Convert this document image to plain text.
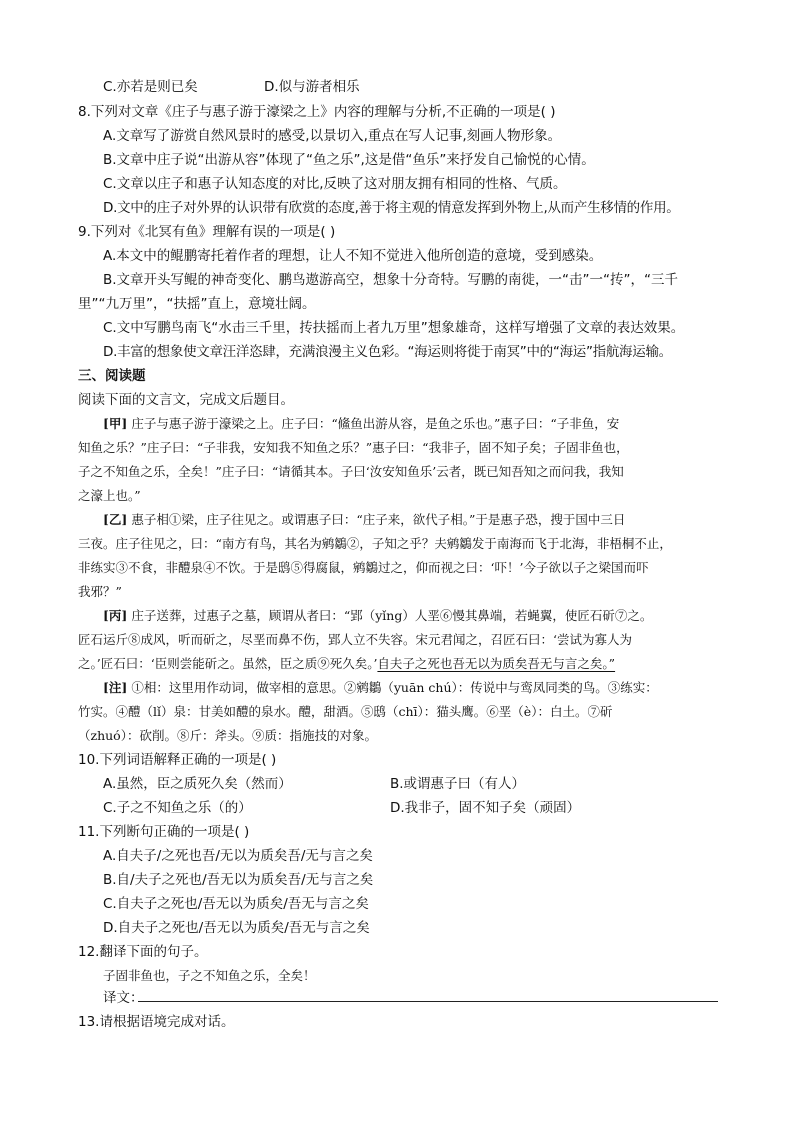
C.亦若是则已矣	D.似与游者相乐
8.下列对文章《庄子与惠子游于濠梁之上》内容的理解与分析,不正确的一项是( )
A.文章写了游赏自然风景时的感受,以景切入,重点在写人记事,刻画人物形象。
B.文章中庄子说“出游从容”体现了“鱼之乐”,这是借“鱼乐”来抒发自己愉悦的心情。
C.文章以庄子和惠子认知态度的对比,反映了这对朋友拥有相同的性格、气质。
D.文中的庄子对外界的认识带有欣赏的态度,善于将主观的情意发挥到外物上,从而产生移情的作用。
9.下列对《北冥有鱼》理解有误的一项是( )
A.本文中的鲲鹏寄托着作者的理想，让人不知不觉进入他所创造的意境，受到感染。
B.文章开头写鲲的神奇变化、鹏鸟遨游高空，想象十分奇特。写鹏的南徙，一“击”一“抟”，“三千
里”“九万里”，“扶摇”直上，意境壮阔。
C.文中写鹏鸟南飞“水击三千里，抟扶摇而上者九万里”想象雄奇，这样写增强了文章的表达效果。
D.丰富的想象使文章汪洋恣肆，充满浪漫主义色彩。“海运则将徙于南冥”中的“海运”指航海运输。
三、阅读题
阅读下面的文言文，完成文后题目。
[甲] 庄子与惠子游于濠梁之上。庄子曰：“鯈鱼出游从容，是鱼之乐也。”惠子曰：“子非鱼，安
知鱼之乐？”庄子曰：“子非我，安知我不知鱼之乐？”惠子曰：“我非子，固不知子矣；子固非鱼也，
子之不知鱼之乐，全矣！”庄子曰：“请循其本。子曰‘汝安知鱼乐’云者，既已知吾知之而问我，我知
之濠上也。”
[乙] 惠子相①梁，庄子往见之。或谓惠子曰：“庄子来，欲代子相。”于是惠子恐，搜于国中三日
三夜。庄子往见之，曰：“南方有鸟，其名为鹓鶵②，子知之乎？夫鹓鶵发于南海而飞于北海，非梧桐不止，
非练实③不食，非醴泉④不饮。于是鸱⑤得腐鼠，鹓鶵过之，仰而视之曰：‘吓！’今子欲以子之梁国而吓
我邪？”
[丙] 庄子送葬，过惠子之墓，顾谓从者曰：“郢（yǐng）人垩⑥慢其鼻端，若蝇翼，使匠石斫⑦之。
匠石运斤⑧成风，听而斫之，尽垩而鼻不伤，郢人立不失容。宋元君闻之，召匠石曰：‘尝试为寡人为
之。’匠石曰：‘臣则尝能斫之。虽然，臣之质⑨死久矣。’自夫子之死也吾无以为质矣吾无与言之矣。”
[注] ①相：这里用作动词，做宰相的意思。②鹓鶵（yuān chú）：传说中与鸾凤同类的鸟。③练实：
竹实。④醴（lǐ）泉：甘美如醴的泉水。醴，甜酒。⑤鸱（chī）：猫头鹰。⑥垩（è）：白土。⑦斫
（zhuó）：砍削。⑧斤：斧头。⑨质：指施技的对象。
10.下列词语解释正确的一项是( )
A.虽然，臣之质死久矣（然而）	B.或谓惠子曰（有人）
C.子之不知鱼之乐（的）	D.我非子，固不知子矣（顽固）
11.下列断句正确的一项是( )
A.自夫子/之死也吾/无以为质矣吾/无与言之矣
B.自/夫子之死也/吾无以为质矣吾/无与言之矣
C.自夫子之死也/吾无以为质矣/吾无与言之矣
D.自夫子之死也/吾无以为质矣/吾无与言之矣
12.翻译下面的句子。
子固非鱼也，子之不知鱼之乐，全矣！
译文：
13.请根据语境完成对话。
